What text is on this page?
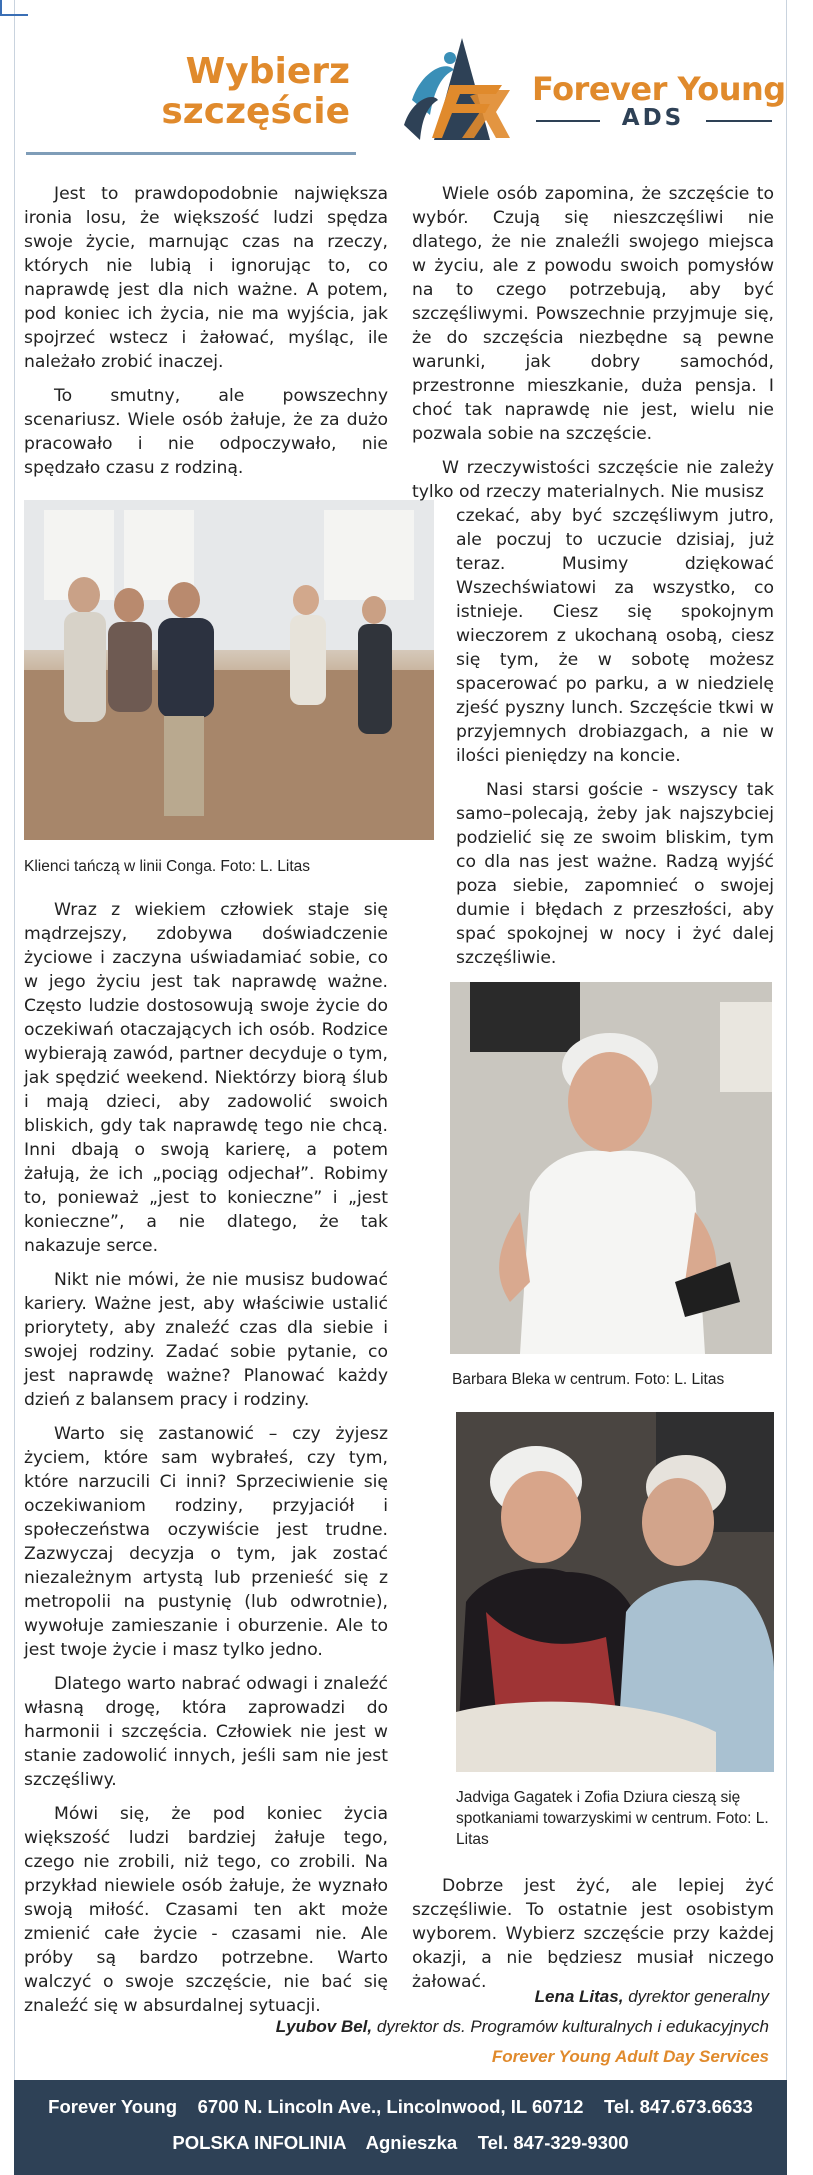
Wybierz
szczęście
Forever Young
ADS

Jest to prawdopodobnie największa ironia losu, że większość ludzi spędza swoje życie, marnując czas na rzeczy, których nie lubią i ignorując to, co naprawdę jest dla nich ważne. A potem, pod koniec ich życia, nie ma wyjścia, jak spojrzeć wstecz i żałować, myśląc, ile należało zrobić inaczej.

To smutny, ale powszechny scenariusz. Wiele osób żałuje, że za dużo pracowało i nie odpoczywało, nie spędzało czasu z rodziną.

Klienci tańczą w linii Conga. Foto: L. Litas

Wraz z wiekiem człowiek staje się mądrzejszy, zdobywa doświadczenie życiowe i zaczyna uświadamiać sobie, co w jego życiu jest tak naprawdę ważne. Często ludzie dostosowują swoje życie do oczekiwań otaczających ich osób. Rodzice wybierają zawód, partner decyduje o tym, jak spędzić weekend. Niektórzy biorą ślub i mają dzieci, aby zadowolić swoich bliskich, gdy tak naprawdę tego nie chcą. Inni dbają o swoją karierę, a potem żałują, że ich „pociąg odjechał”. Robimy to, ponieważ „jest to konieczne” i „jest konieczne”, a nie dlatego, że tak nakazuje serce.

Nikt nie mówi, że nie musisz budować kariery. Ważne jest, aby właściwie ustalić priorytety, aby znaleźć czas dla siebie i swojej rodziny. Zadać sobie pytanie, co jest naprawdę ważne? Planować każdy dzień z balansem pracy i rodziny.

Warto się zastanowić – czy żyjesz życiem, które sam wybrałeś, czy tym, które narzucili Ci inni? Sprzeciwienie się oczekiwaniom rodziny, przyjaciół i społeczeństwa oczywiście jest trudne. Zazwyczaj decyzja o tym, jak zostać niezależnym artystą lub przenieść się z metropolii na pustynię (lub odwrotnie), wywołuje zamieszanie i oburzenie. Ale to jest twoje życie i masz tylko jedno.

Dlatego warto nabrać odwagi i znaleźć własną drogę, która zaprowadzi do harmonii i szczęścia. Człowiek nie jest w stanie zadowolić innych, jeśli sam nie jest szczęśliwy.

Mówi się, że pod koniec życia większość ludzi bardziej żałuje tego, czego nie zrobili, niż tego, co zrobili. Na przykład niewiele osób żałuje, że wyznało swoją miłość. Czasami ten akt może zmienić całe życie - czasami nie. Ale próby są bardzo potrzebne. Warto walczyć o swoje szczęście, nie bać się znaleźć się w absurdalnej sytuacji.

Wiele osób zapomina, że szczęście to wybór. Czują się nieszczęśliwi nie dlatego, że nie znaleźli swojego miejsca w życiu, ale z powodu swoich pomysłów na to czego potrzebują, aby być szczęśliwymi. Powszechnie przyjmuje się, że do szczęścia niezbędne są pewne warunki, jak dobry samochód, przestronne mieszkanie, duża pensja. I choć tak naprawdę nie jest, wielu nie pozwala sobie na szczęście.

W rzeczywistości szczęście nie zależy tylko od rzeczy materialnych. Nie musisz

czekać, aby być szczęśliwym jutro, ale poczuj to uczucie dzisiaj, już teraz. Musimy dziękować Wszechświatowi za wszystko, co istnieje. Ciesz się spokojnym wieczorem z ukochaną osobą, ciesz się tym, że w sobotę możesz spacerować po parku, a w niedzielę zjeść pyszny lunch. Szczęście tkwi w przyjemnych drobiazgach, a nie w ilości pieniędzy na koncie.

Nasi starsi goście - wszyscy tak samo–polecają, żeby jak najszybciej podzielić się ze swoim bliskim, tym co dla nas jest ważne. Radzą wyjść poza siebie, zapomnieć o swojej dumie i błędach z przeszłości, aby spać spokojnej w nocy i żyć dalej szczęśliwie.

Barbara Bleka w centrum. Foto: L. Litas
Jadviga Gagatek i Zofia Dziura cieszą się spotkaniami towarzyskimi w centrum. Foto: L. Litas

Dobrze jest żyć, ale lepiej żyć szczęśliwie. To ostatnie jest osobistym wyborem. Wybierz szczęście przy każdej okazji, a nie będziesz musiał niczego żałować.

Lena Litas, dyrektor generalny
Lyubov Bel, dyrektor ds. Programów kulturalnych i edukacyjnych
Forever Young Adult Day Services
Forever Young    6700 N. Lincoln Ave., Lincolnwood, IL 60712    Tel. 847.673.6633
POLSKA INFOLINIA    Agnieszka    Tel. 847-329-9300
